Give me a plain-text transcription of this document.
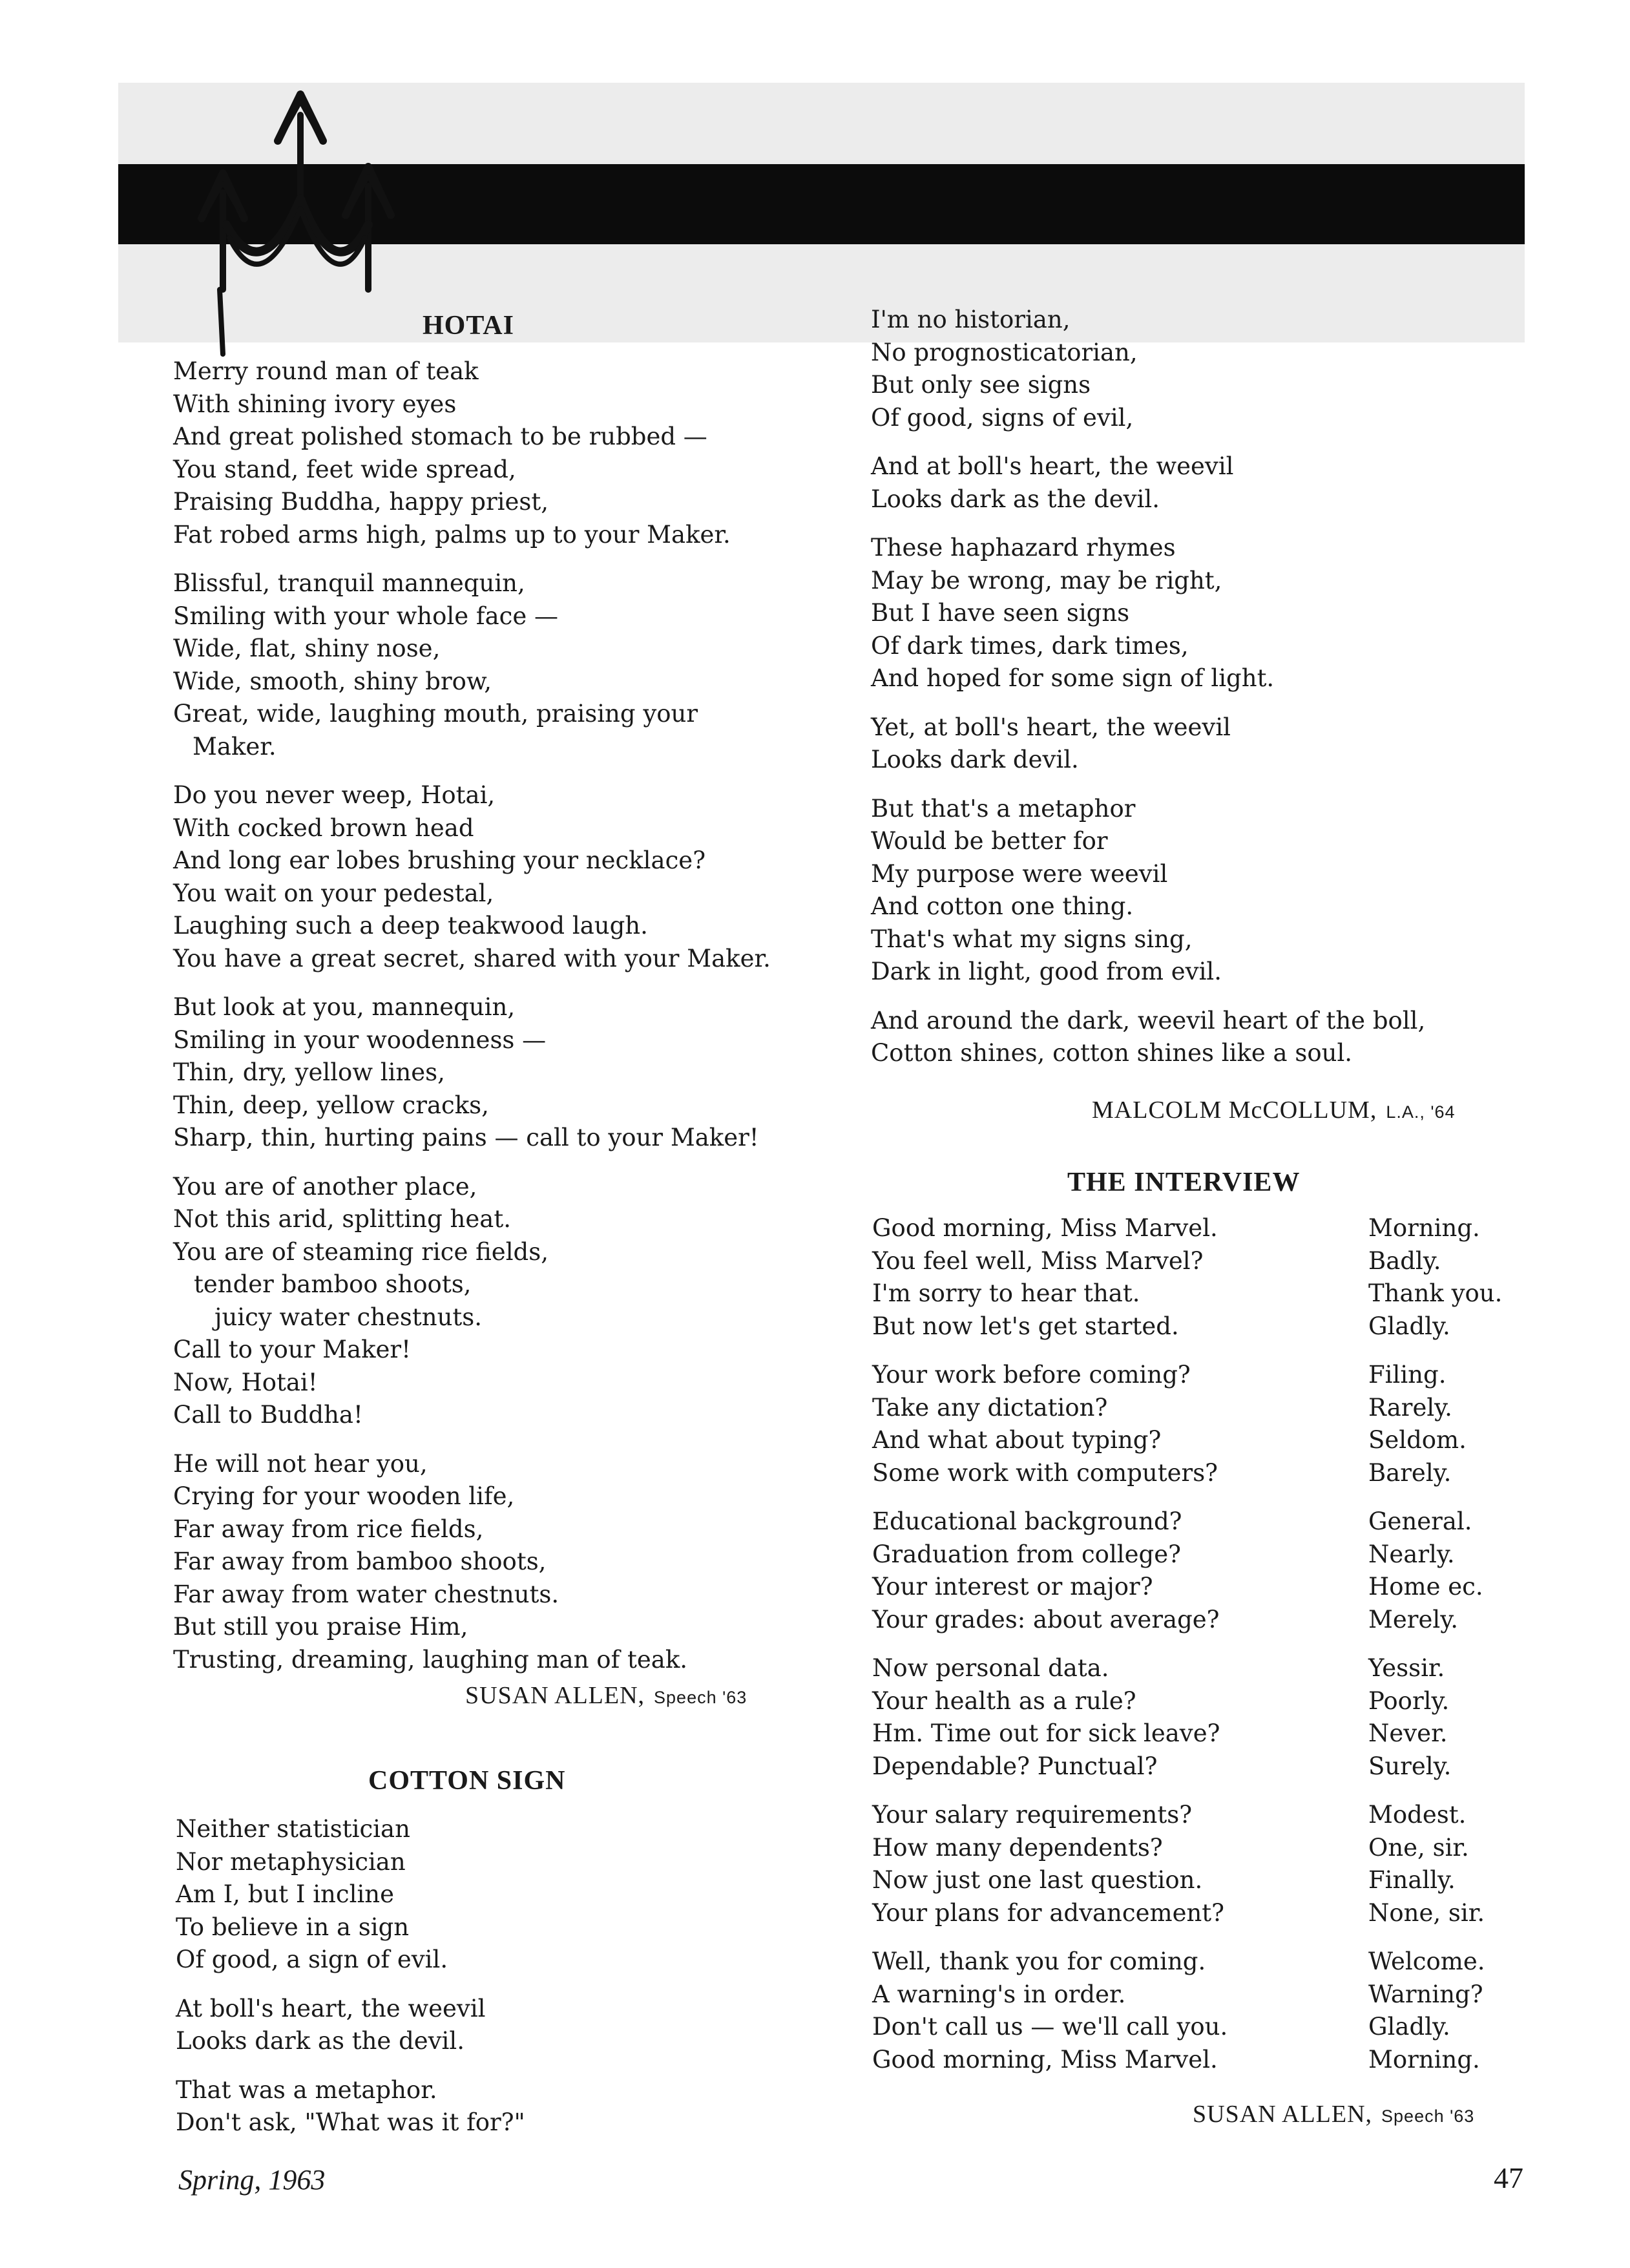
HOTAI
Merry round man of teak
With shining ivory eyes
And great polished stomach to be rubbed —
You stand, feet wide spread,
Praising Buddha, happy priest,
Fat robed arms high, palms up to your Maker.
Blissful, tranquil mannequin,
Smiling with your whole face —
Wide, flat, shiny nose,
Wide, smooth, shiny brow,
Great, wide, laughing mouth, praising your
Maker.
Do you never weep, Hotai,
With cocked brown head
And long ear lobes brushing your necklace?
You wait on your pedestal,
Laughing such a deep teakwood laugh.
You have a great secret, shared with your Maker.
But look at you, mannequin,
Smiling in your woodenness —
Thin, dry, yellow lines,
Thin, deep, yellow cracks,
Sharp, thin, hurting pains — call to your Maker!
You are of another place,
Not this arid, splitting heat.
You are of steaming rice fields,
tender bamboo shoots,
juicy water chestnuts.
Call to your Maker!
Now, Hotai!
Call to Buddha!
He will not hear you,
Crying for your wooden life,
Far away from rice fields,
Far away from bamboo shoots,
Far away from water chestnuts.
But still you praise Him,
Trusting, dreaming, laughing man of teak.
SUSAN ALLEN, Speech '63
COTTON SIGN
Neither statistician
Nor metaphysician
Am I, but I incline
To believe in a sign
Of good, a sign of evil.
At boll's heart, the weevil
Looks dark as the devil.
That was a metaphor.
Don't ask, "What was it for?"
I'm no historian,
No prognosticatorian,
But only see signs
Of good, signs of evil,
And at boll's heart, the weevil
Looks dark as the devil.
These haphazard rhymes
May be wrong, may be right,
But I have seen signs
Of dark times, dark times,
And hoped for some sign of light.
Yet, at boll's heart, the weevil
Looks dark devil.
But that's a metaphor
Would be better for
My purpose were weevil
And cotton one thing.
That's what my signs sing,
Dark in light, good from evil.
And around the dark, weevil heart of the boll,
Cotton shines, cotton shines like a soul.
MALCOLM McCOLLUM, L.A., '64
THE INTERVIEW
Good morning, Miss Marvel.	Morning.
You feel well, Miss Marvel?	Badly.
I'm sorry to hear that.	Thank you.
But now let's get started.	Gladly.
Your work before coming?	Filing.
Take any dictation?	Rarely.
And what about typing?	Seldom.
Some work with computers?	Barely.
Educational background?	General.
Graduation from college?	Nearly.
Your interest or major?	Home ec.
Your grades: about average?	Merely.
Now personal data.	Yessir.
Your health as a rule?	Poorly.
Hm. Time out for sick leave?	Never.
Dependable? Punctual?	Surely.
Your salary requirements?	Modest.
How many dependents?	One, sir.
Now just one last question.	Finally.
Your plans for advancement?	None, sir.
Well, thank you for coming.	Welcome.
A warning's in order.	Warning?
Don't call us — we'll call you.	Gladly.
Good morning, Miss Marvel.	Morning.
SUSAN ALLEN, Speech '63
Spring, 1963	47
